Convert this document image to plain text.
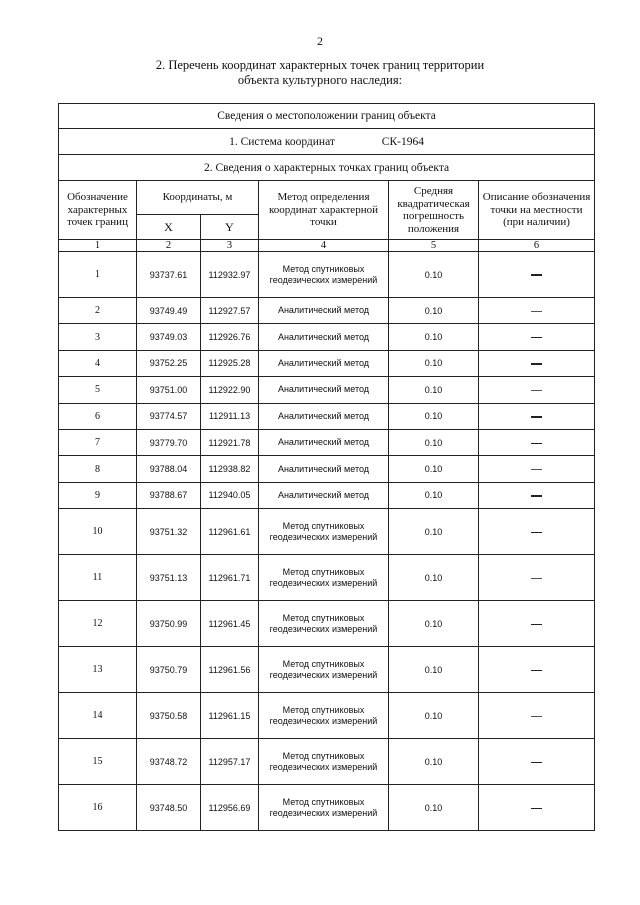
2
2. Перечень координат характерных точек границ территории
объекта культурного наследия:
Сведения о местоположении границ объекта					
1. Система координат СК-1964					
2. Сведения о характерных точках границ объекта					
Обозначение характерных точек границ	Координаты, м		Метод определения координат характерной точки	Средняя квадратическая погрешность положения	Описание обозначения точки на местности (при наличии)
	X	Y			
1	2	3	4	5	6
1	93737.61	112932.97	Метод спутниковых геодезических измерений	0.10	
2	93749.49	112927.57	Аналитический метод	0.10	
3	93749.03	112926.76	Аналитический метод	0.10	
4	93752.25	112925.28	Аналитический метод	0.10	
5	93751.00	112922.90	Аналитический метод	0.10	
6	93774.57	112911.13	Аналитический метод	0.10	
7	93779.70	112921.78	Аналитический метод	0.10	
8	93788.04	112938.82	Аналитический метод	0.10	
9	93788.67	112940.05	Аналитический метод	0.10	
10	93751.32	112961.61	Метод спутниковых геодезических измерений	0.10	
11	93751.13	112961.71	Метод спутниковых геодезических измерений	0.10	
12	93750.99	112961.45	Метод спутниковых геодезических измерений	0.10	
13	93750.79	112961.56	Метод спутниковых геодезических измерений	0.10	
14	93750.58	112961.15	Метод спутниковых геодезических измерений	0.10	
15	93748.72	112957.17	Метод спутниковых геодезических измерений	0.10	
16	93748.50	112956.69	Метод спутниковых геодезических измерений	0.10	
